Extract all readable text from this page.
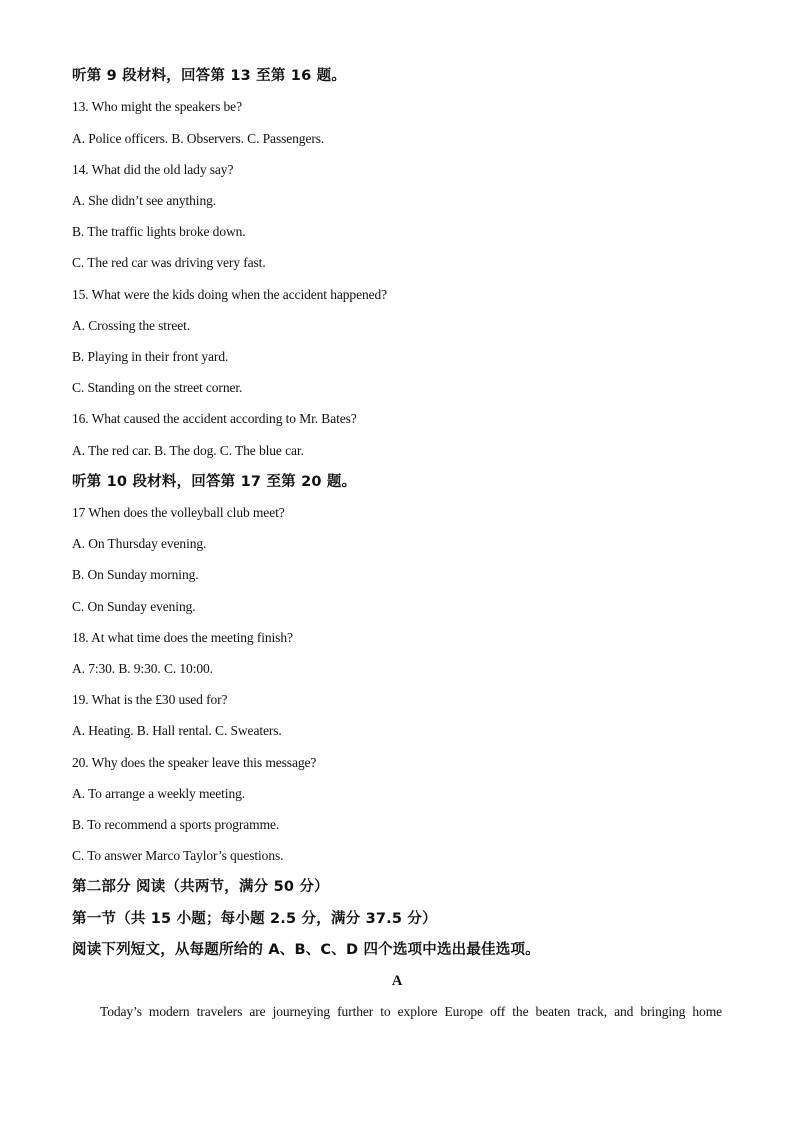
听第 9 段材料，回答第 13 至第 16 题。
13. Who might the speakers be?
A. Police officers. B. Observers. C. Passengers.
14. What did the old lady say?
A. She didn’t see anything.
B. The traffic lights broke down.
C. The red car was driving very fast.
15. What were the kids doing when the accident happened?
A. Crossing the street.
B. Playing in their front yard.
C. Standing on the street corner.
16. What caused the accident according to Mr. Bates?
A. The red car. B. The dog. C. The blue car.
听第 10 段材料，回答第 17 至第 20 题。
17 When does the volleyball club meet?
A. On Thursday evening.
B. On Sunday morning.
C. On Sunday evening.
18. At what time does the meeting finish?
A. 7:30. B. 9:30. C. 10:00.
19. What is the £30 used for?
A. Heating. B. Hall rental. C. Sweaters.
20. Why does the speaker leave this message?
A. To arrange a weekly meeting.
B. To recommend a sports programme.
C. To answer Marco Taylor’s questions.
第二部分 阅读（共两节，满分 50 分）
第一节（共 15 小题；每小题 2.5 分，满分 37.5 分）
阅读下列短文，从每题所给的 A、B、C、D 四个选项中选出最佳选项。
A
Today’s modern travelers are journeying further to explore Europe off the beaten track, and bringing home
